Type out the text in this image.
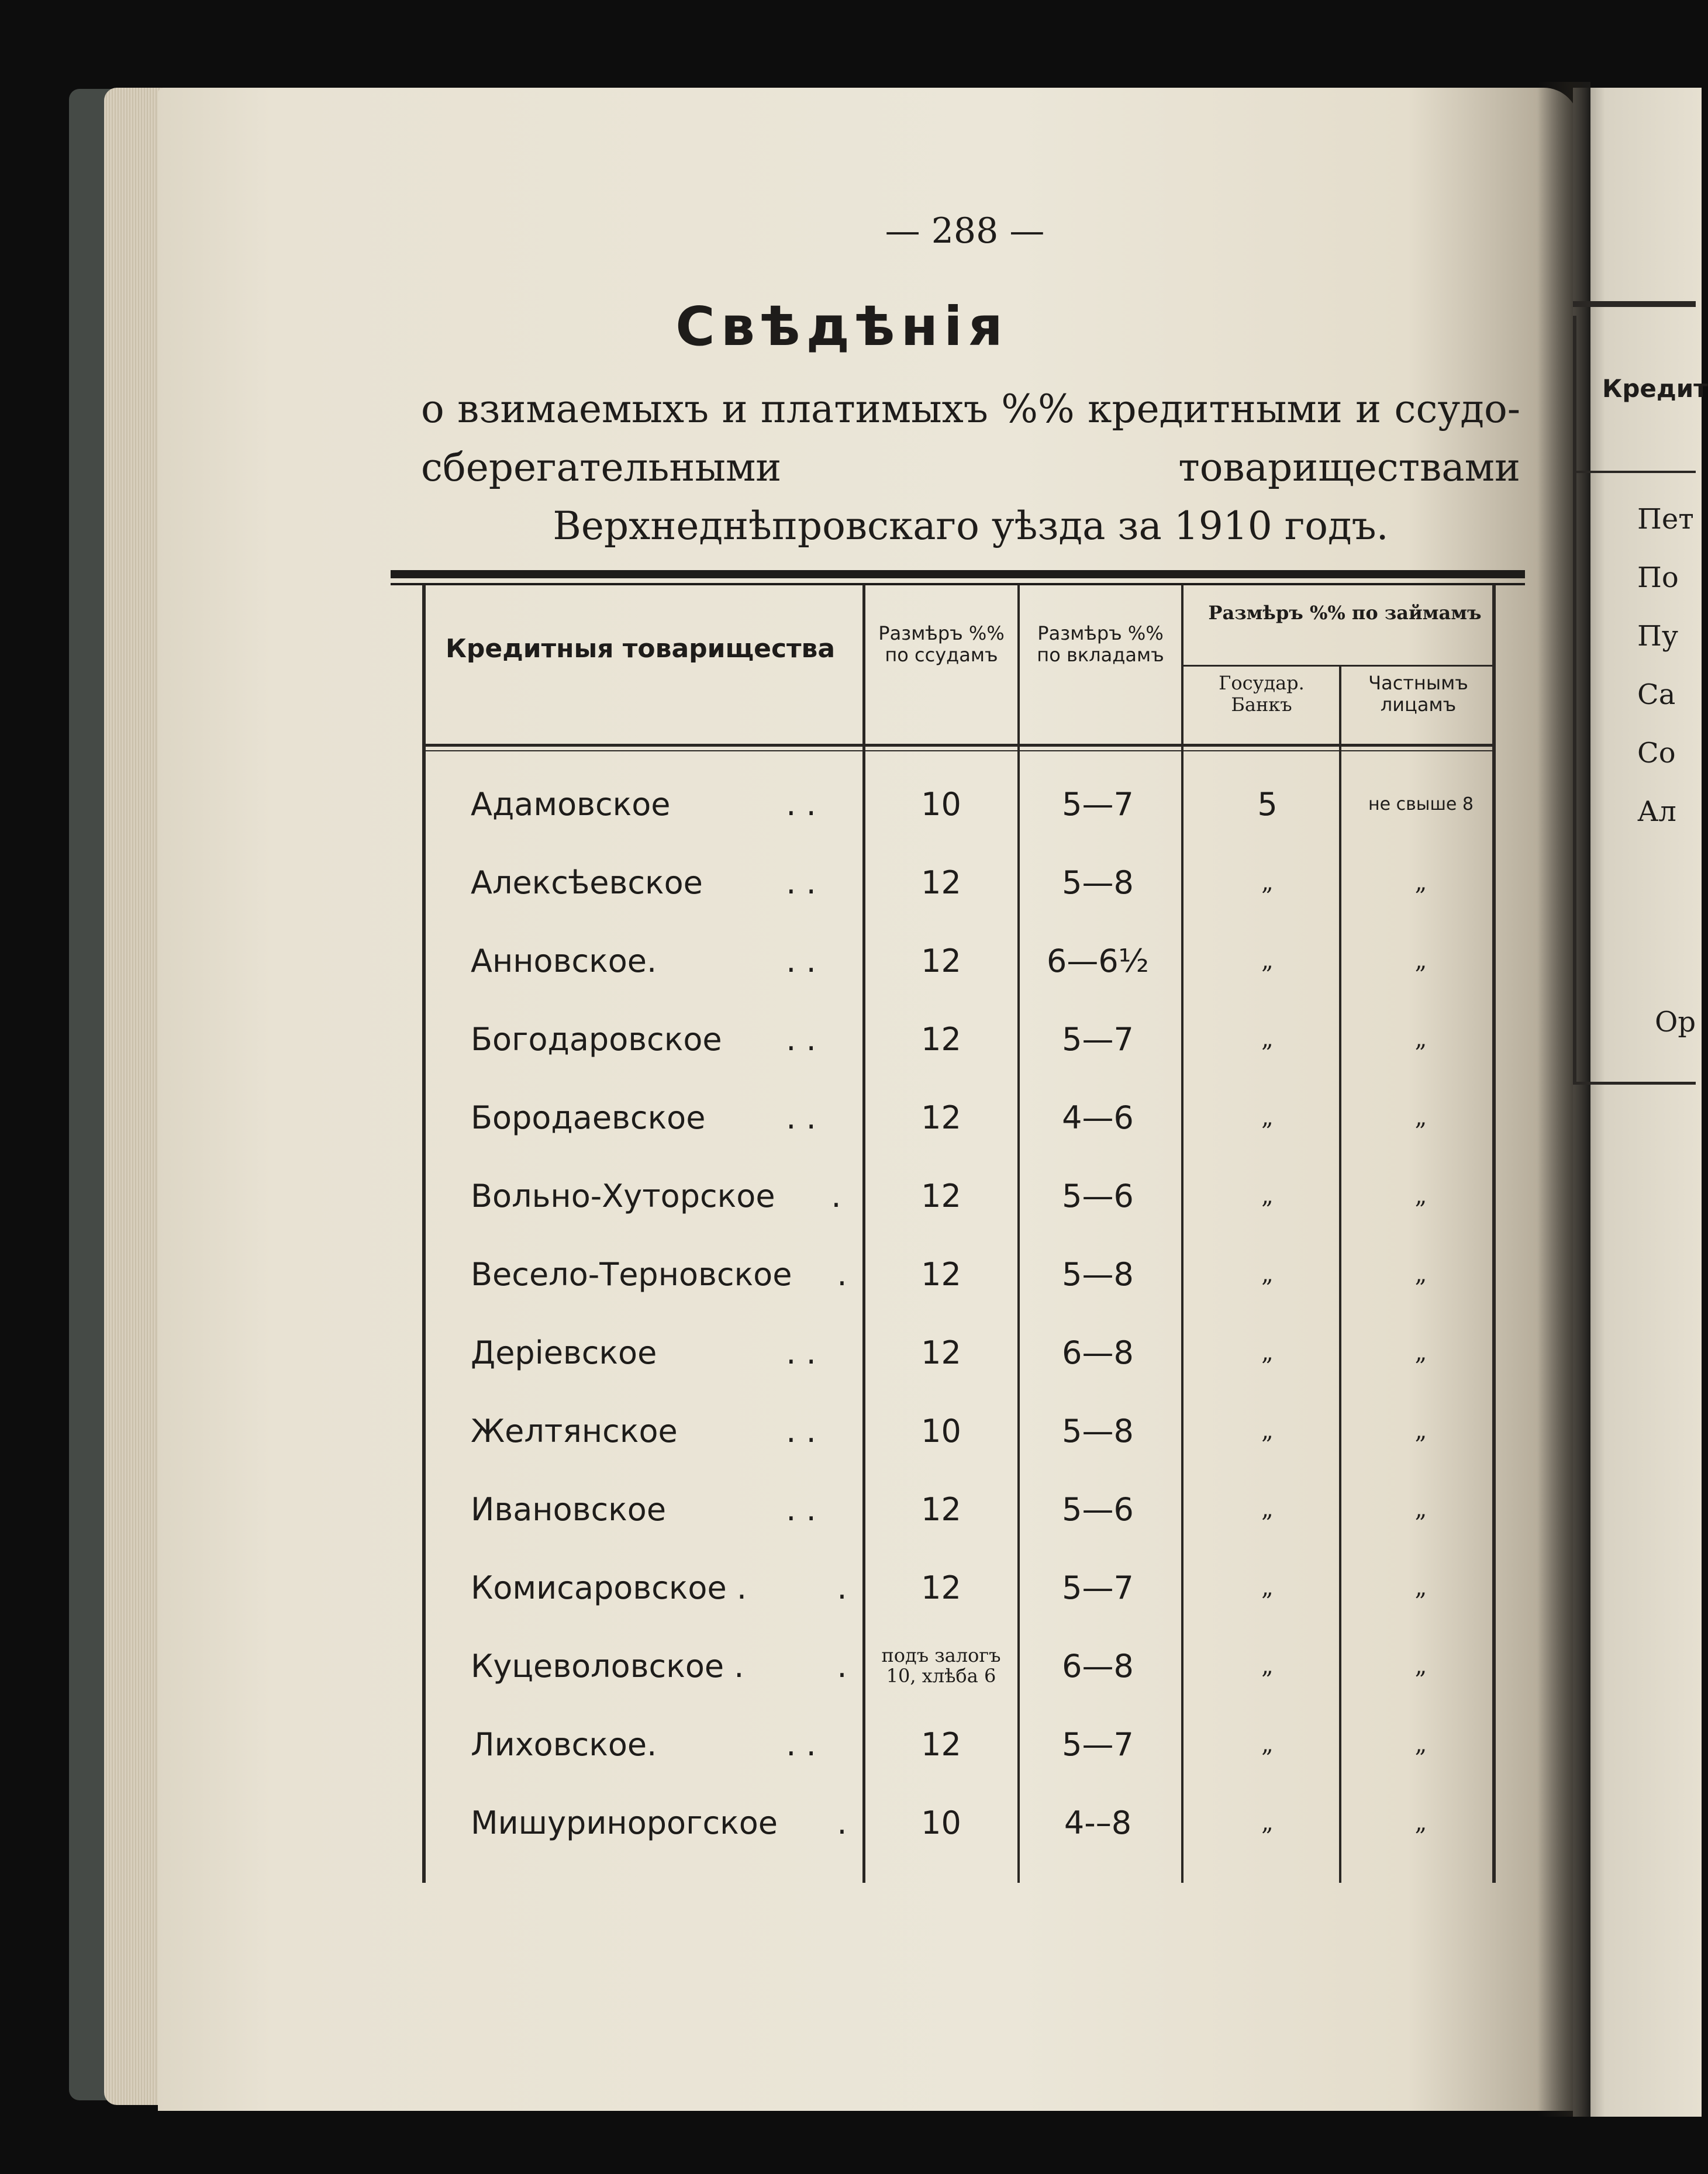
— 288 —
Свѣдѣнія
о взимаемыхъ и платимыхъ %% кредитными и ссудо-сберегательными товариществами Верхнеднѣпровскаго уѣзда за 1910 годъ.
Кредитныя товарищества
Размѣръ %% по ссудамъ
Размѣръ %% по вкладамъ
Размѣръ %% по займамъ
Государ. Банкъ
Частнымъ лицамъ
Адамовское	. .	10	5—7	5	не свыше 8
Алексѣевское	. .	12	5—8	„	„
Анновское.	. .	12	6—6½	„	„
Богодаровское	. .	12	5—7	„	„
Бородаевское	. .	12	4—6	„	„
Вольно-Хуторское	.	12	5—6	„	„
Весело-Терновское	.	12	5—8	„	„
Деріевское	. .	12	6—8	„	„
Желтянское	. .	10	5—8	„	„
Ивановское	. .	12	5—6	„	„
Комисаровское .	.	12	5—7	„	„
Куцеволовское .	.	подъ залогъ 10, хлѣба 6	6—8	„	„
Лиховское.	. .	12	5—7	„	„
Мишуринорогское	.	10	4-–8	„	„
Кредит
Пет
По
Пу
Са
Со
Ал
Ор
